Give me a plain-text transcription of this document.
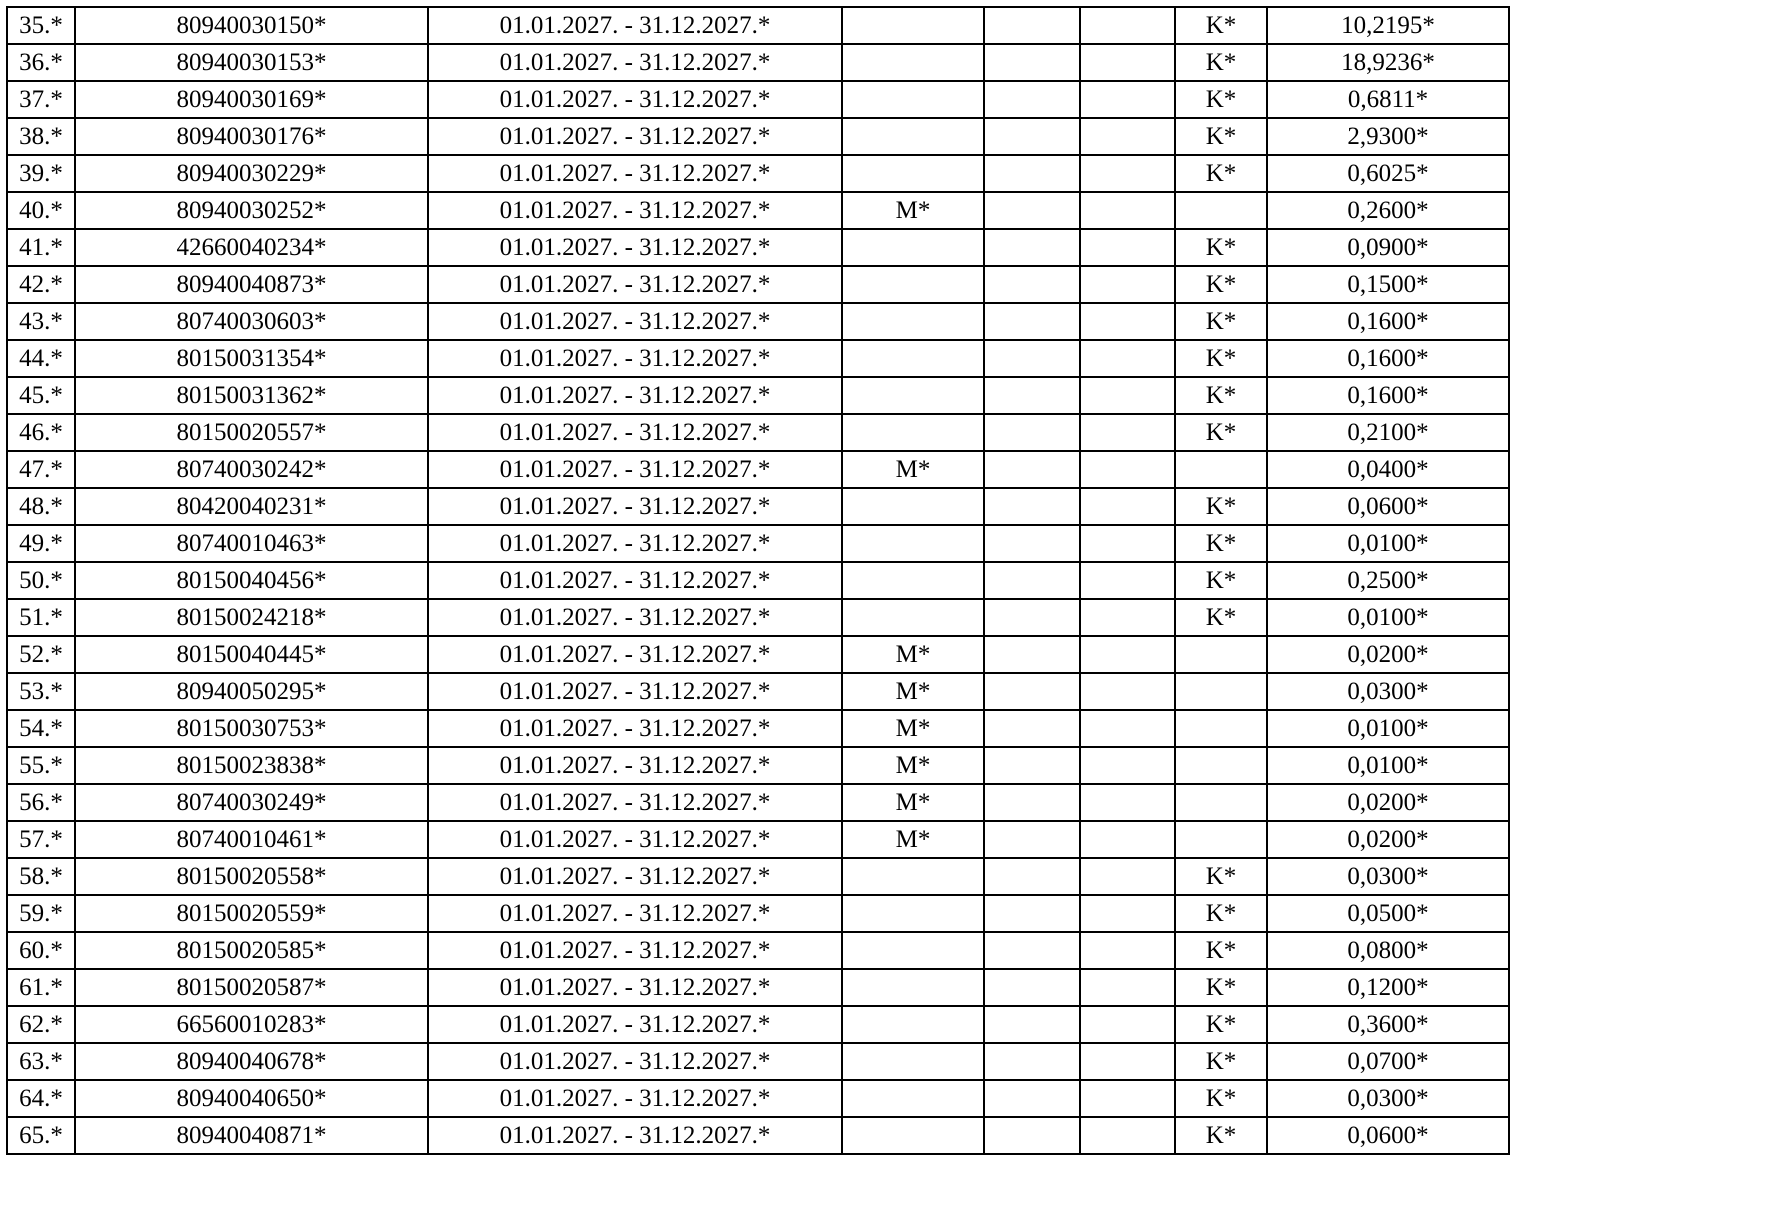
35.*	80940030150*	01.01.2027. - 31.12.2027.*				K*	10,2195*
36.*	80940030153*	01.01.2027. - 31.12.2027.*				K*	18,9236*
37.*	80940030169*	01.01.2027. - 31.12.2027.*				K*	0,6811*
38.*	80940030176*	01.01.2027. - 31.12.2027.*				K*	2,9300*
39.*	80940030229*	01.01.2027. - 31.12.2027.*				K*	0,6025*
40.*	80940030252*	01.01.2027. - 31.12.2027.*	M*				0,2600*
41.*	42660040234*	01.01.2027. - 31.12.2027.*				K*	0,0900*
42.*	80940040873*	01.01.2027. - 31.12.2027.*				K*	0,1500*
43.*	80740030603*	01.01.2027. - 31.12.2027.*				K*	0,1600*
44.*	80150031354*	01.01.2027. - 31.12.2027.*				K*	0,1600*
45.*	80150031362*	01.01.2027. - 31.12.2027.*				K*	0,1600*
46.*	80150020557*	01.01.2027. - 31.12.2027.*				K*	0,2100*
47.*	80740030242*	01.01.2027. - 31.12.2027.*	M*				0,0400*
48.*	80420040231*	01.01.2027. - 31.12.2027.*				K*	0,0600*
49.*	80740010463*	01.01.2027. - 31.12.2027.*				K*	0,0100*
50.*	80150040456*	01.01.2027. - 31.12.2027.*				K*	0,2500*
51.*	80150024218*	01.01.2027. - 31.12.2027.*				K*	0,0100*
52.*	80150040445*	01.01.2027. - 31.12.2027.*	M*				0,0200*
53.*	80940050295*	01.01.2027. - 31.12.2027.*	M*				0,0300*
54.*	80150030753*	01.01.2027. - 31.12.2027.*	M*				0,0100*
55.*	80150023838*	01.01.2027. - 31.12.2027.*	M*				0,0100*
56.*	80740030249*	01.01.2027. - 31.12.2027.*	M*				0,0200*
57.*	80740010461*	01.01.2027. - 31.12.2027.*	M*				0,0200*
58.*	80150020558*	01.01.2027. - 31.12.2027.*				K*	0,0300*
59.*	80150020559*	01.01.2027. - 31.12.2027.*				K*	0,0500*
60.*	80150020585*	01.01.2027. - 31.12.2027.*				K*	0,0800*
61.*	80150020587*	01.01.2027. - 31.12.2027.*				K*	0,1200*
62.*	66560010283*	01.01.2027. - 31.12.2027.*				K*	0,3600*
63.*	80940040678*	01.01.2027. - 31.12.2027.*				K*	0,0700*
64.*	80940040650*	01.01.2027. - 31.12.2027.*				K*	0,0300*
65.*	80940040871*	01.01.2027. - 31.12.2027.*				K*	0,0600*
